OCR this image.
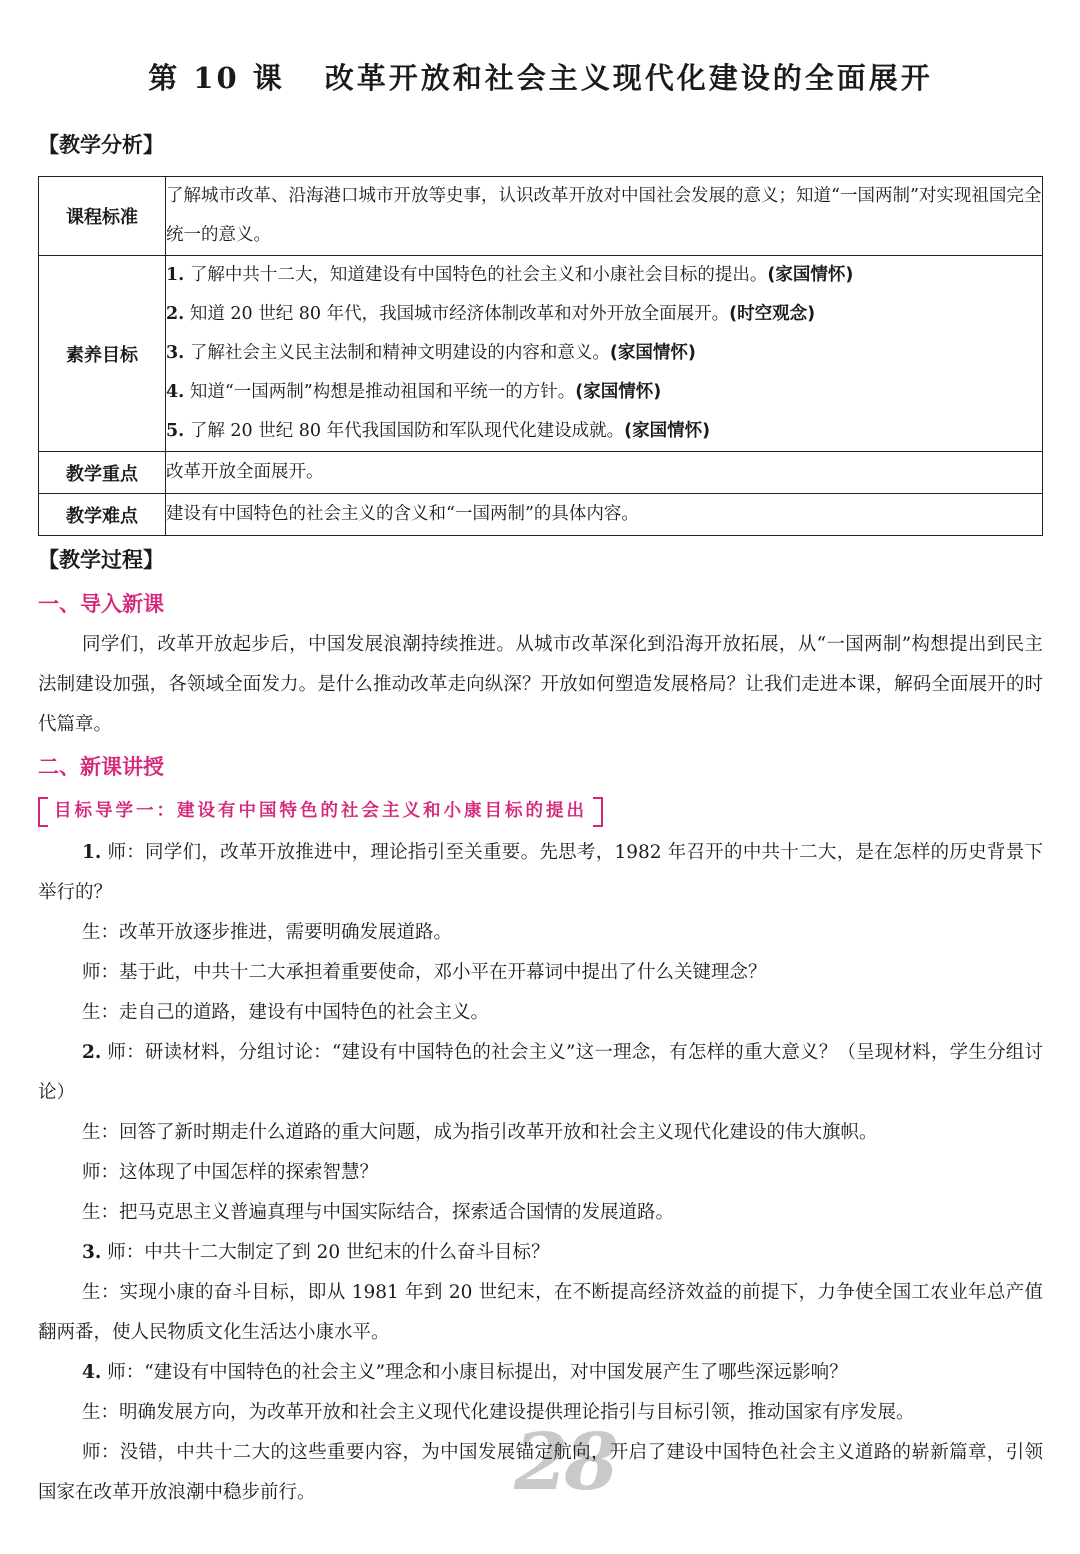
第 10 课 改革开放和社会主义现代化建设的全面展开
【教学分析】
课程标准	了解城市改革、沿海港口城市开放等史事，认识改革开放对中国社会发展的意义；知道“一国两制”对实现祖国完全统一的意义。
素养目标	1. 了解中共十二大，知道建设有中国特色的社会主义和小康社会目标的提出。(家国情怀)
2. 知道 20 世纪 80 年代，我国城市经济体制改革和对外开放全面展开。(时空观念)
3. 了解社会主义民主法制和精神文明建设的内容和意义。(家国情怀)
4. 知道“一国两制”构想是推动祖国和平统一的方针。(家国情怀)
5. 了解 20 世纪 80 年代我国国防和军队现代化建设成就。(家国情怀)

教学重点	改革开放全面展开。
教学难点	建设有中国特色的社会主义的含义和“一国两制”的具体内容。
【教学过程】
一、导入新课
同学们，改革开放起步后，中国发展浪潮持续推进。从城市改革深化到沿海开放拓展，从“一国两制”构想提出到民主法制建设加强，各领域全面发力。是什么推动改革走向纵深？开放如何塑造发展格局？让我们走进本课，解码全面展开的时代篇章。
二、新课讲授
目标导学一：建设有中国特色的社会主义和小康目标的提出
1. 师：同学们，改革开放推进中，理论指引至关重要。先思考，1982 年召开的中共十二大，是在怎样的历史背景下举行的？
生：改革开放逐步推进，需要明确发展道路。
师：基于此，中共十二大承担着重要使命，邓小平在开幕词中提出了什么关键理念？
生：走自己的道路，建设有中国特色的社会主义。
2. 师：研读材料，分组讨论：“建设有中国特色的社会主义”这一理念，有怎样的重大意义？（呈现材料，学生分组讨论）
生：回答了新时期走什么道路的重大问题，成为指引改革开放和社会主义现代化建设的伟大旗帜。
师：这体现了中国怎样的探索智慧？
生：把马克思主义普遍真理与中国实际结合，探索适合国情的发展道路。
3. 师：中共十二大制定了到 20 世纪末的什么奋斗目标？
生：实现小康的奋斗目标，即从 1981 年到 20 世纪末，在不断提高经济效益的前提下，力争使全国工农业年总产值翻两番，使人民物质文化生活达小康水平。
4. 师：“建设有中国特色的社会主义”理念和小康目标提出，对中国发展产生了哪些深远影响？
生：明确发展方向，为改革开放和社会主义现代化建设提供理论指引与目标引领，推动国家有序发展。
师：没错，中共十二大的这些重要内容，为中国发展锚定航向，开启了建设中国特色社会主义道路的崭新篇章，引领国家在改革开放浪潮中稳步前行。	28
